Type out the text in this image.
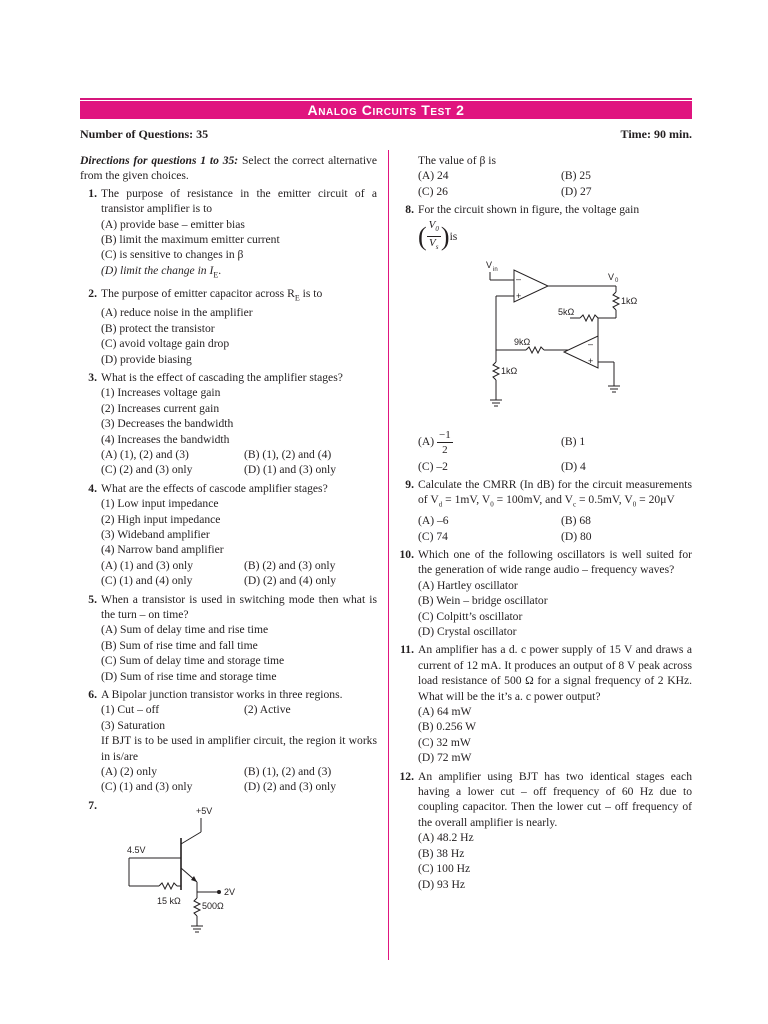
Analog Circuits Test 2
Number of Questions: 35	Time: 90 min.
Directions for questions 1 to 35: Select the correct alternative from the given choices.
1. The purpose of resistance in the emitter circuit of a transistor amplifier is to
(A) provide base – emitter bias
(B) limit the maximum emitter current
(C) is sensitive to changes in β
(D) limit the change in $I_E$.
2. The purpose of emitter capacitor across $R_E$ is to
(A) reduce noise in the amplifier
(B) protect the transistor
(C) avoid voltage gain drop
(D) provide biasing
3. What is the effect of cascading the amplifier stages?
(1) Increases voltage gain
(2) Increases current gain
(3) Decreases the bandwidth
(4) Increases the bandwidth
(A) (1), (2) and (3)	(B) (1), (2) and (4)
(C) (2) and (3) only	(D) (1) and (3) only
4. What are the effects of cascode amplifier stages?
(1) Low input impedance
(2) High input impedance
(3) Wideband amplifier
(4) Narrow band amplifier
(A) (1) and (3) only	(B) (2) and (3) only
(C) (1) and (4) only	(D) (2) and (4) only
5. When a transistor is used in switching mode then what is the turn – on time?
(A) Sum of delay time and rise time
(B) Sum of rise time and fall time
(C) Sum of delay time and storage time
(D) Sum of rise time and storage time
6. A Bipolar junction transistor works in three regions.
(1) Cut – off	(2) Active
(3) Saturation
If BJT is to be used in amplifier circuit, the region it works in is/are
(A) (2) only	(B) (1), (2) and (3)
(C) (1) and (3) only	(D) (2) and (3) only
7.	+5V
4.5V
2V
15 kΩ 500Ω
The value of β is
(A) 24	(B) 25
(C) 26	(D) 27
8. For the circuit shown in figure, the voltage gain
( $\frac{V_0}{V_s}$ ) is
V in
–
+
V 0
1kΩ
5kΩ
9kΩ	–
+
1kΩ
(A)
$\frac{-1}{2}$	(B) 1
(C) –2	(D) 4
9. Calculate the CMRR (In dB) for the circuit measurements of $V_d = 1mV$, $V_0 = 100mV$, and $V_c = 0.5mV$, $V_0 = 20\mu V$
(A) –6	(B) 68
(C) 74	(D) 80
10. Which one of the following oscillators is well suited for the generation of wide range audio – frequency waves?
(A) Hartley oscillator
(B) Wein – bridge oscillator
(C) Colpitt’s oscillator
(D) Crystal oscillator
11. An amplifier has a d. c power supply of 15 V and draws a current of 12 mA. It produces an output of 8 V peak across load resistance of 500 Ω for a signal frequency of 2 KHz. What will be the it’s a. c power output?
(A) 64 mW
(B) 0.256 W
(C) 32 mW
(D) 72 mW
12. An amplifier using BJT has two identical stages each having a lower cut – off frequency of 60 Hz due to coupling capacitor. Then the lower cut – off frequency of the overall amplifier is nearly.
(A) 48.2 Hz
(B) 38 Hz
(C) 100 Hz
(D) 93 Hz
